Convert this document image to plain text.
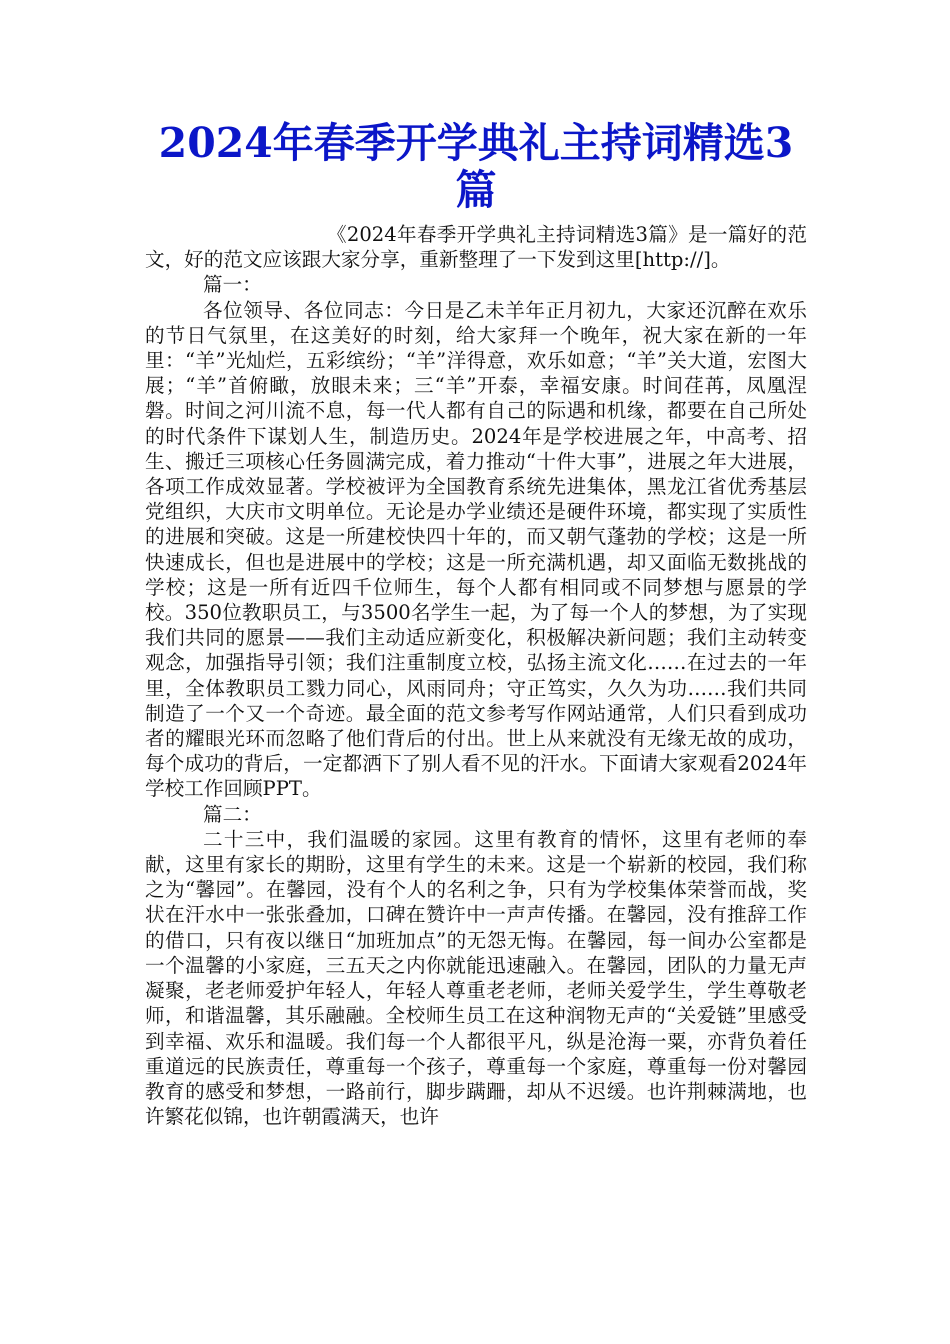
2024年春季开学典礼主持词精选3篇

《2024年春季开学典礼主持词精选3篇》是一篇好的范文，好的范文应该跟大家分享，重新整理了一下发到这里[http://]。

篇一：

各位领导、各位同志：今日是乙未羊年正月初九，大家还沉醉在欢乐的节日气氛里，在这美好的时刻，给大家拜一个晚年，祝大家在新的一年里：“羊”光灿烂，五彩缤纷；“羊”洋得意，欢乐如意；“羊”关大道，宏图大展；“羊”首俯瞰，放眼未来；三“羊”开泰，幸福安康。时间荏苒，凤凰涅磐。时间之河川流不息，每一代人都有自己的际遇和机缘，都要在自己所处的时代条件下谋划人生，制造历史。2024年是学校进展之年，中高考、招生、搬迁三项核心任务圆满完成，着力推动“十件大事”，进展之年大进展，各项工作成效显著。学校被评为全国教育系统先进集体，黑龙江省优秀基层党组织，大庆市文明单位。无论是办学业绩还是硬件环境，都实现了实质性的进展和突破。这是一所建校快四十年的，而又朝气蓬勃的学校；这是一所快速成长，但也是进展中的学校；这是一所充满机遇，却又面临无数挑战的学校；这是一所有近四千位师生，每个人都有相同或不同梦想与愿景的学校。350位教职员工，与3500名学生一起，为了每一个人的梦想，为了实现我们共同的愿景——我们主动适应新变化，积极解决新问题；我们主动转变观念，加强指导引领；我们注重制度立校，弘扬主流文化……在过去的一年里，全体教职员工戮力同心，风雨同舟；守正笃实，久久为功……我们共同制造了一个又一个奇迹。最全面的范文参考写作网站通常，人们只看到成功者的耀眼光环而忽略了他们背后的付出。世上从来就没有无缘无故的成功，每个成功的背后，一定都洒下了别人看不见的汗水。下面请大家观看2024年学校工作回顾PPT。

篇二：

二十三中，我们温暖的家园。这里有教育的情怀，这里有老师的奉献，这里有家长的期盼，这里有学生的未来。这是一个崭新的校园，我们称之为“馨园”。在馨园，没有个人的名利之争，只有为学校集体荣誉而战，奖状在汗水中一张张叠加，口碑在赞许中一声声传播。在馨园，没有推辞工作的借口，只有夜以继日“加班加点”的无怨无悔。在馨园，每一间办公室都是一个温馨的小家庭，三五天之内你就能迅速融入。在馨园，团队的力量无声凝聚，老老师爱护年轻人，年轻人尊重老老师，老师关爱学生，学生尊敬老师，和谐温馨，其乐融融。全校师生员工在这种润物无声的“关爱链”里感受到幸福、欢乐和温暖。我们每一个人都很平凡，纵是沧海一粟，亦背负着任重道远的民族责任，尊重每一个孩子，尊重每一个家庭，尊重每一份对馨园教育的感受和梦想，一路前行，脚步蹒跚，却从不迟缓。也许荆棘满地，也许繁花似锦，也许朝霞满天，也许
